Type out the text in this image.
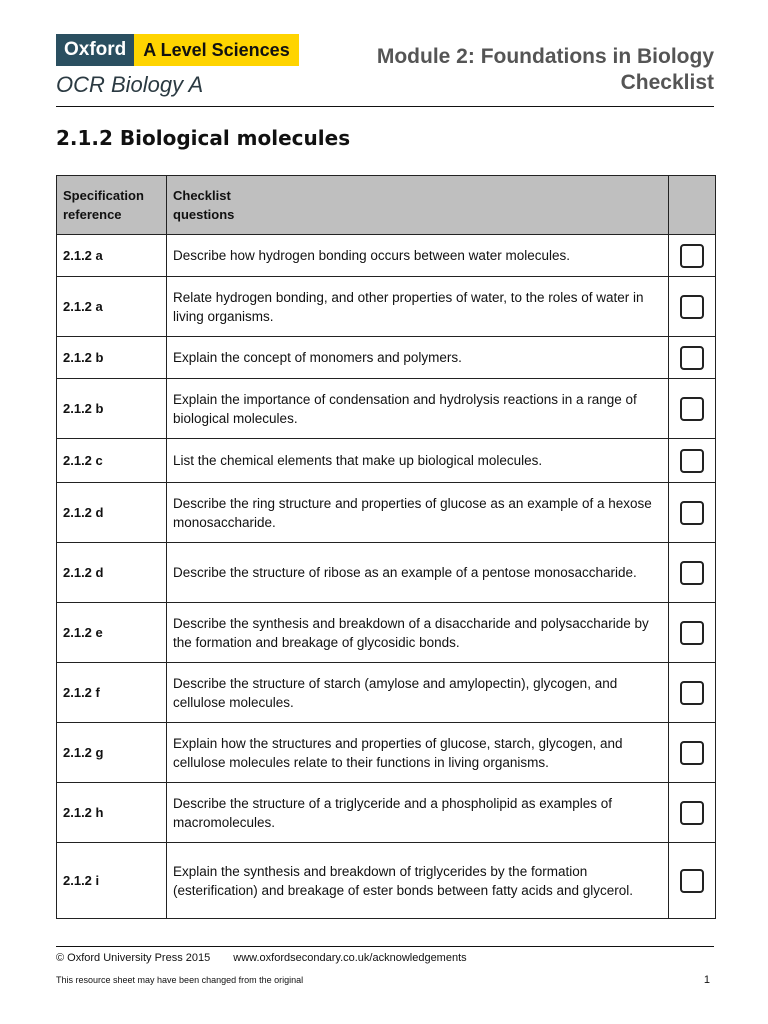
Oxford A Level Sciences
OCR Biology A
Module 2: Foundations in Biology
Checklist
2.1.2 Biological molecules
Specification
reference	Checklist
questions	
2.1.2 a	Describe how hydrogen bonding occurs between water molecules.	

2.1.2 a	Relate hydrogen bonding, and other properties of water, to the roles of water in living organisms.	

2.1.2 b	Explain the concept of monomers and polymers.	

2.1.2 b	Explain the importance of condensation and hydrolysis reactions in a range of biological molecules.	

2.1.2 c	List the chemical elements that make up biological molecules.	

2.1.2 d	Describe the ring structure and properties of glucose as an example of a hexose monosaccharide.	

2.1.2 d	Describe the structure of ribose as an example of a pentose monosaccharide.	

2.1.2 e	Describe the synthesis and breakdown of a disaccharide and polysaccharide by the formation and breakage of glycosidic bonds.	

2.1.2 f	Describe the structure of starch (amylose and amylopectin), glycogen, and cellulose molecules.	

2.1.2 g	Explain how the structures and properties of glucose, starch, glycogen, and cellulose molecules relate to their functions in living organisms.	

2.1.2 h	Describe the structure of a triglyceride and a phospholipid as examples of macromolecules.	

2.1.2 i	Explain the synthesis and breakdown of triglycerides by the formation (esterification) and breakage of ester bonds between fatty acids and glycerol.	
© Oxford University Press 2015 www.oxfordsecondary.co.uk/acknowledgements
This resource sheet may have been changed from the original	1
